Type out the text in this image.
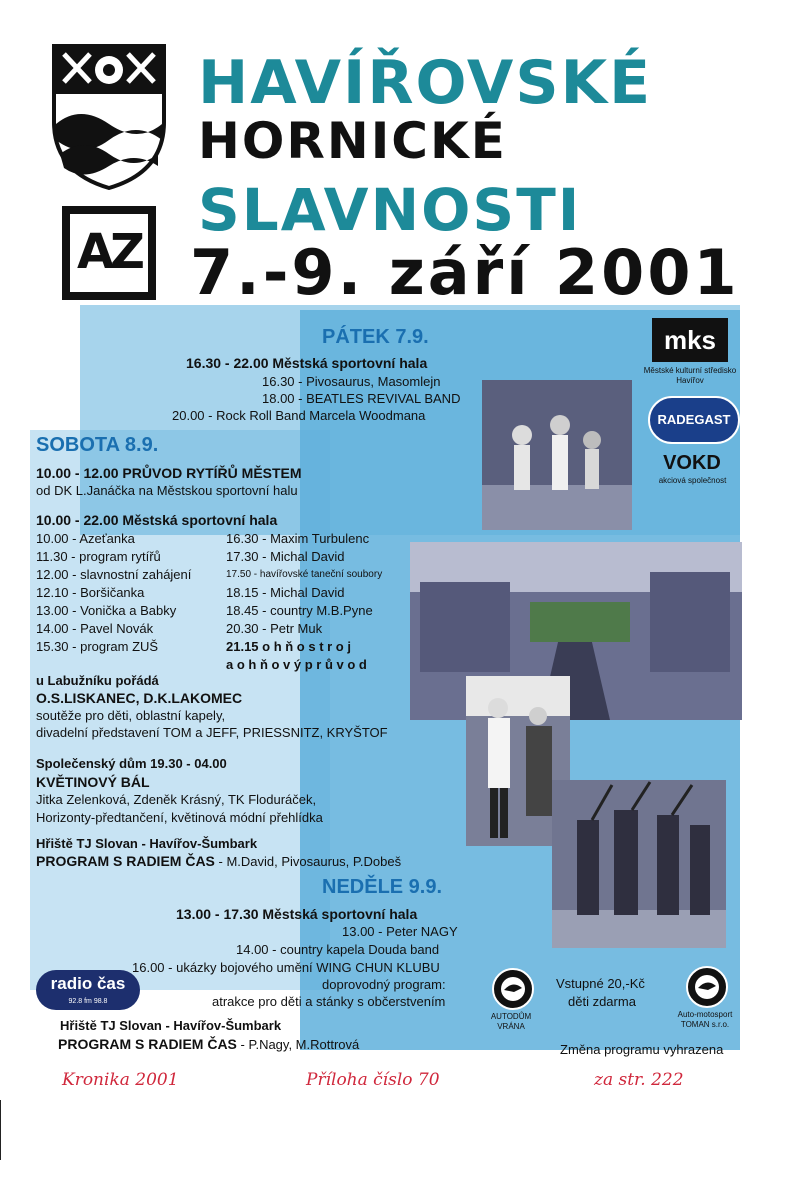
AZ
HAVÍŘOVSKÉ
HORNICKÉ
SLAVNOSTI
7.-9. září 2001
mks
Městské kulturní středisko
Havířov
RADEGAST
VOKD
akciová společnost
PÁTEK 7.9.
16.30 - 22.00 Městská sportovní hala
16.30 - Pivosaurus, Masomlejn
18.00 - BEATLES REVIVAL BAND
20.00 - Rock Roll Band Marcela Woodmana
SOBOTA 8.9.
10.00 - 12.00 PRŮVOD RYTÍŘŮ MĚSTEM
od DK L.Janáčka na Městskou sportovní halu
10.00 - 22.00 Městská sportovní hala
10.00 - Azeťanka
11.30 - program rytířů
12.00 - slavnostní zahájení
12.10 - Boršičanka
13.00 - Vonička a Babky
14.00 - Pavel Novák
15.30 - program ZUŠ
16.30 - Maxim Turbulenc
17.30 - Michal David
17.50 - havířovské taneční soubory
18.15 - Michal David
18.45 - country M.B.Pyne
20.30 - Petr Muk
21.15 o h ň o s t r o j
a o h ň o v ý p r ů v o d
u Labužníku pořádá
O.S.LISKANEC, D.K.LAKOMEC
soutěže pro děti, oblastní kapely,
divadelní představení TOM a JEFF, PRIESSNITZ, KRYŠTOF
Společenský dům 19.30 - 04.00
KVĚTINOVÝ BÁL
Jitka Zelenková, Zdeněk Krásný, TK Floduráček,
Horizonty-předtančení, květinová módní přehlídka
Hřiště TJ Slovan - Havířov-Šumbark
PROGRAM S RADIEM ČAS - M.David, Pivosaurus, P.Dobeš
NEDĚLE 9.9.
13.00 - 17.30 Městská sportovní hala
13.00 - Peter NAGY
14.00 - country kapela Douda band
16.00 - ukázky bojového umění WING CHUN KLUBU
doprovodný program:
atrakce pro děti a stánky s občerstvením
Hřiště TJ Slovan - Havířov-Šumbark
PROGRAM S RADIEM ČAS - P.Nagy, M.Rottrová
radio čas
92.8 fm 98.8
AUTODŮM
VRÁNA
Auto-motosport
TOMAN s.r.o.
Vstupné 20,-Kč
děti zdarma
Změna programu vyhrazena
Kronika 2001	Příloha číslo 70	za str. 222
